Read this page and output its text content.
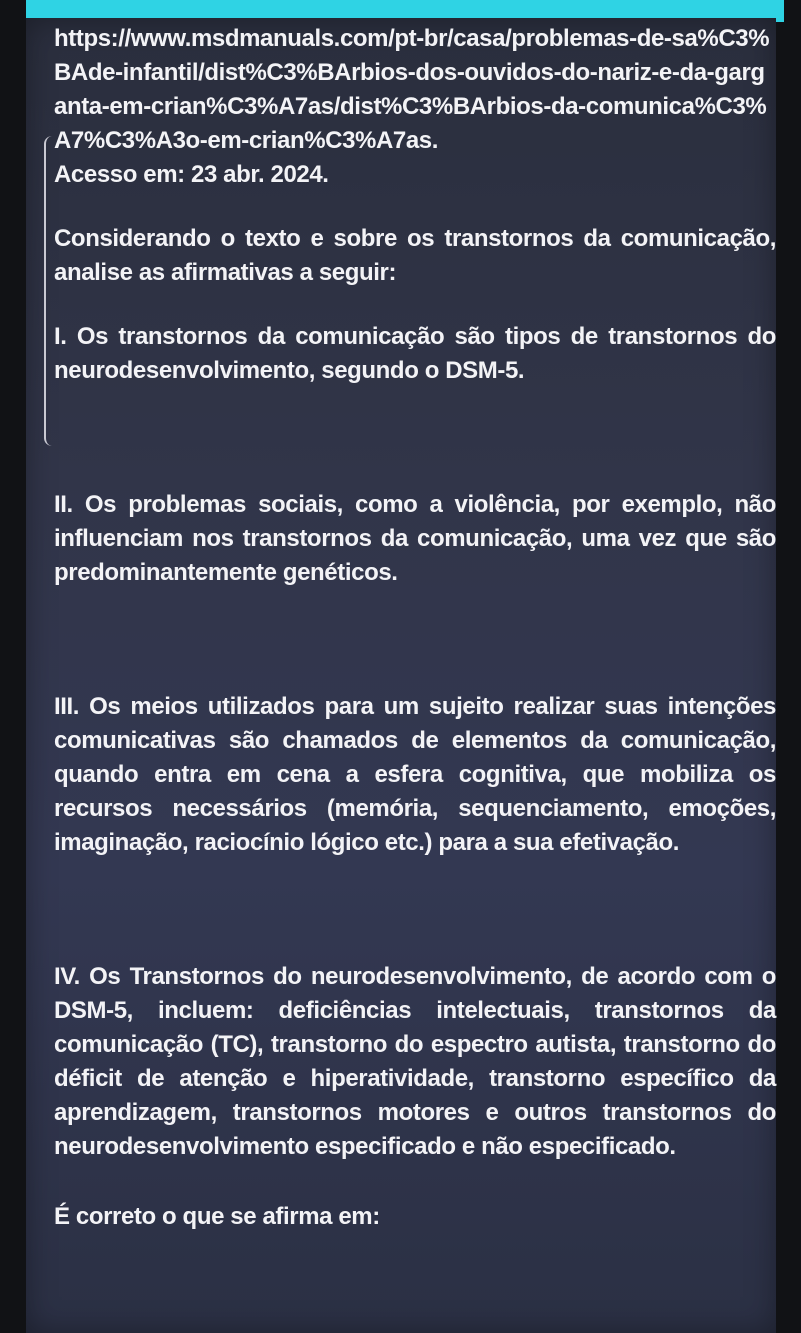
https://www.msdmanuals.com/pt-br/casa/problemas-de-sa%C3%BAde-infantil/dist%C3%BArbios-dos-ouvidos-do-nariz-e-da-garganta-em-crian%C3%A7as/dist%C3%BArbios-da-comunica%C3%A7%C3%A3o-em-crian%C3%A7as.

Acesso em: 23 abr. 2024.

Considerando o texto e sobre os transtornos da comunicação, analise as afirmativas a seguir:

I. Os transtornos da comunicação são tipos de transtornos do neurodesenvolvimento, segundo o DSM-5.

II. Os problemas sociais, como a violência, por exemplo, não influenciam nos transtornos da comunicação, uma vez que são predominantemente genéticos.

III. Os meios utilizados para um sujeito realizar suas intenções comunicativas são chamados de elementos da comunicação, quando entra em cena a esfera cognitiva, que mobiliza os recursos necessários (memória, sequenciamento, emoções, imaginação, raciocínio lógico etc.) para a sua efetivação.

IV. Os Transtornos do neurodesenvolvimento, de acordo com o DSM-5, incluem: deficiências intelectuais, transtornos da comunicação (TC), transtorno do espectro autista, transtorno do déficit de atenção e hiperatividade, transtorno específico da aprendizagem, transtornos motores e outros transtornos do neurodesenvolvimento especificado e não especificado.

É correto o que se afirma em:
